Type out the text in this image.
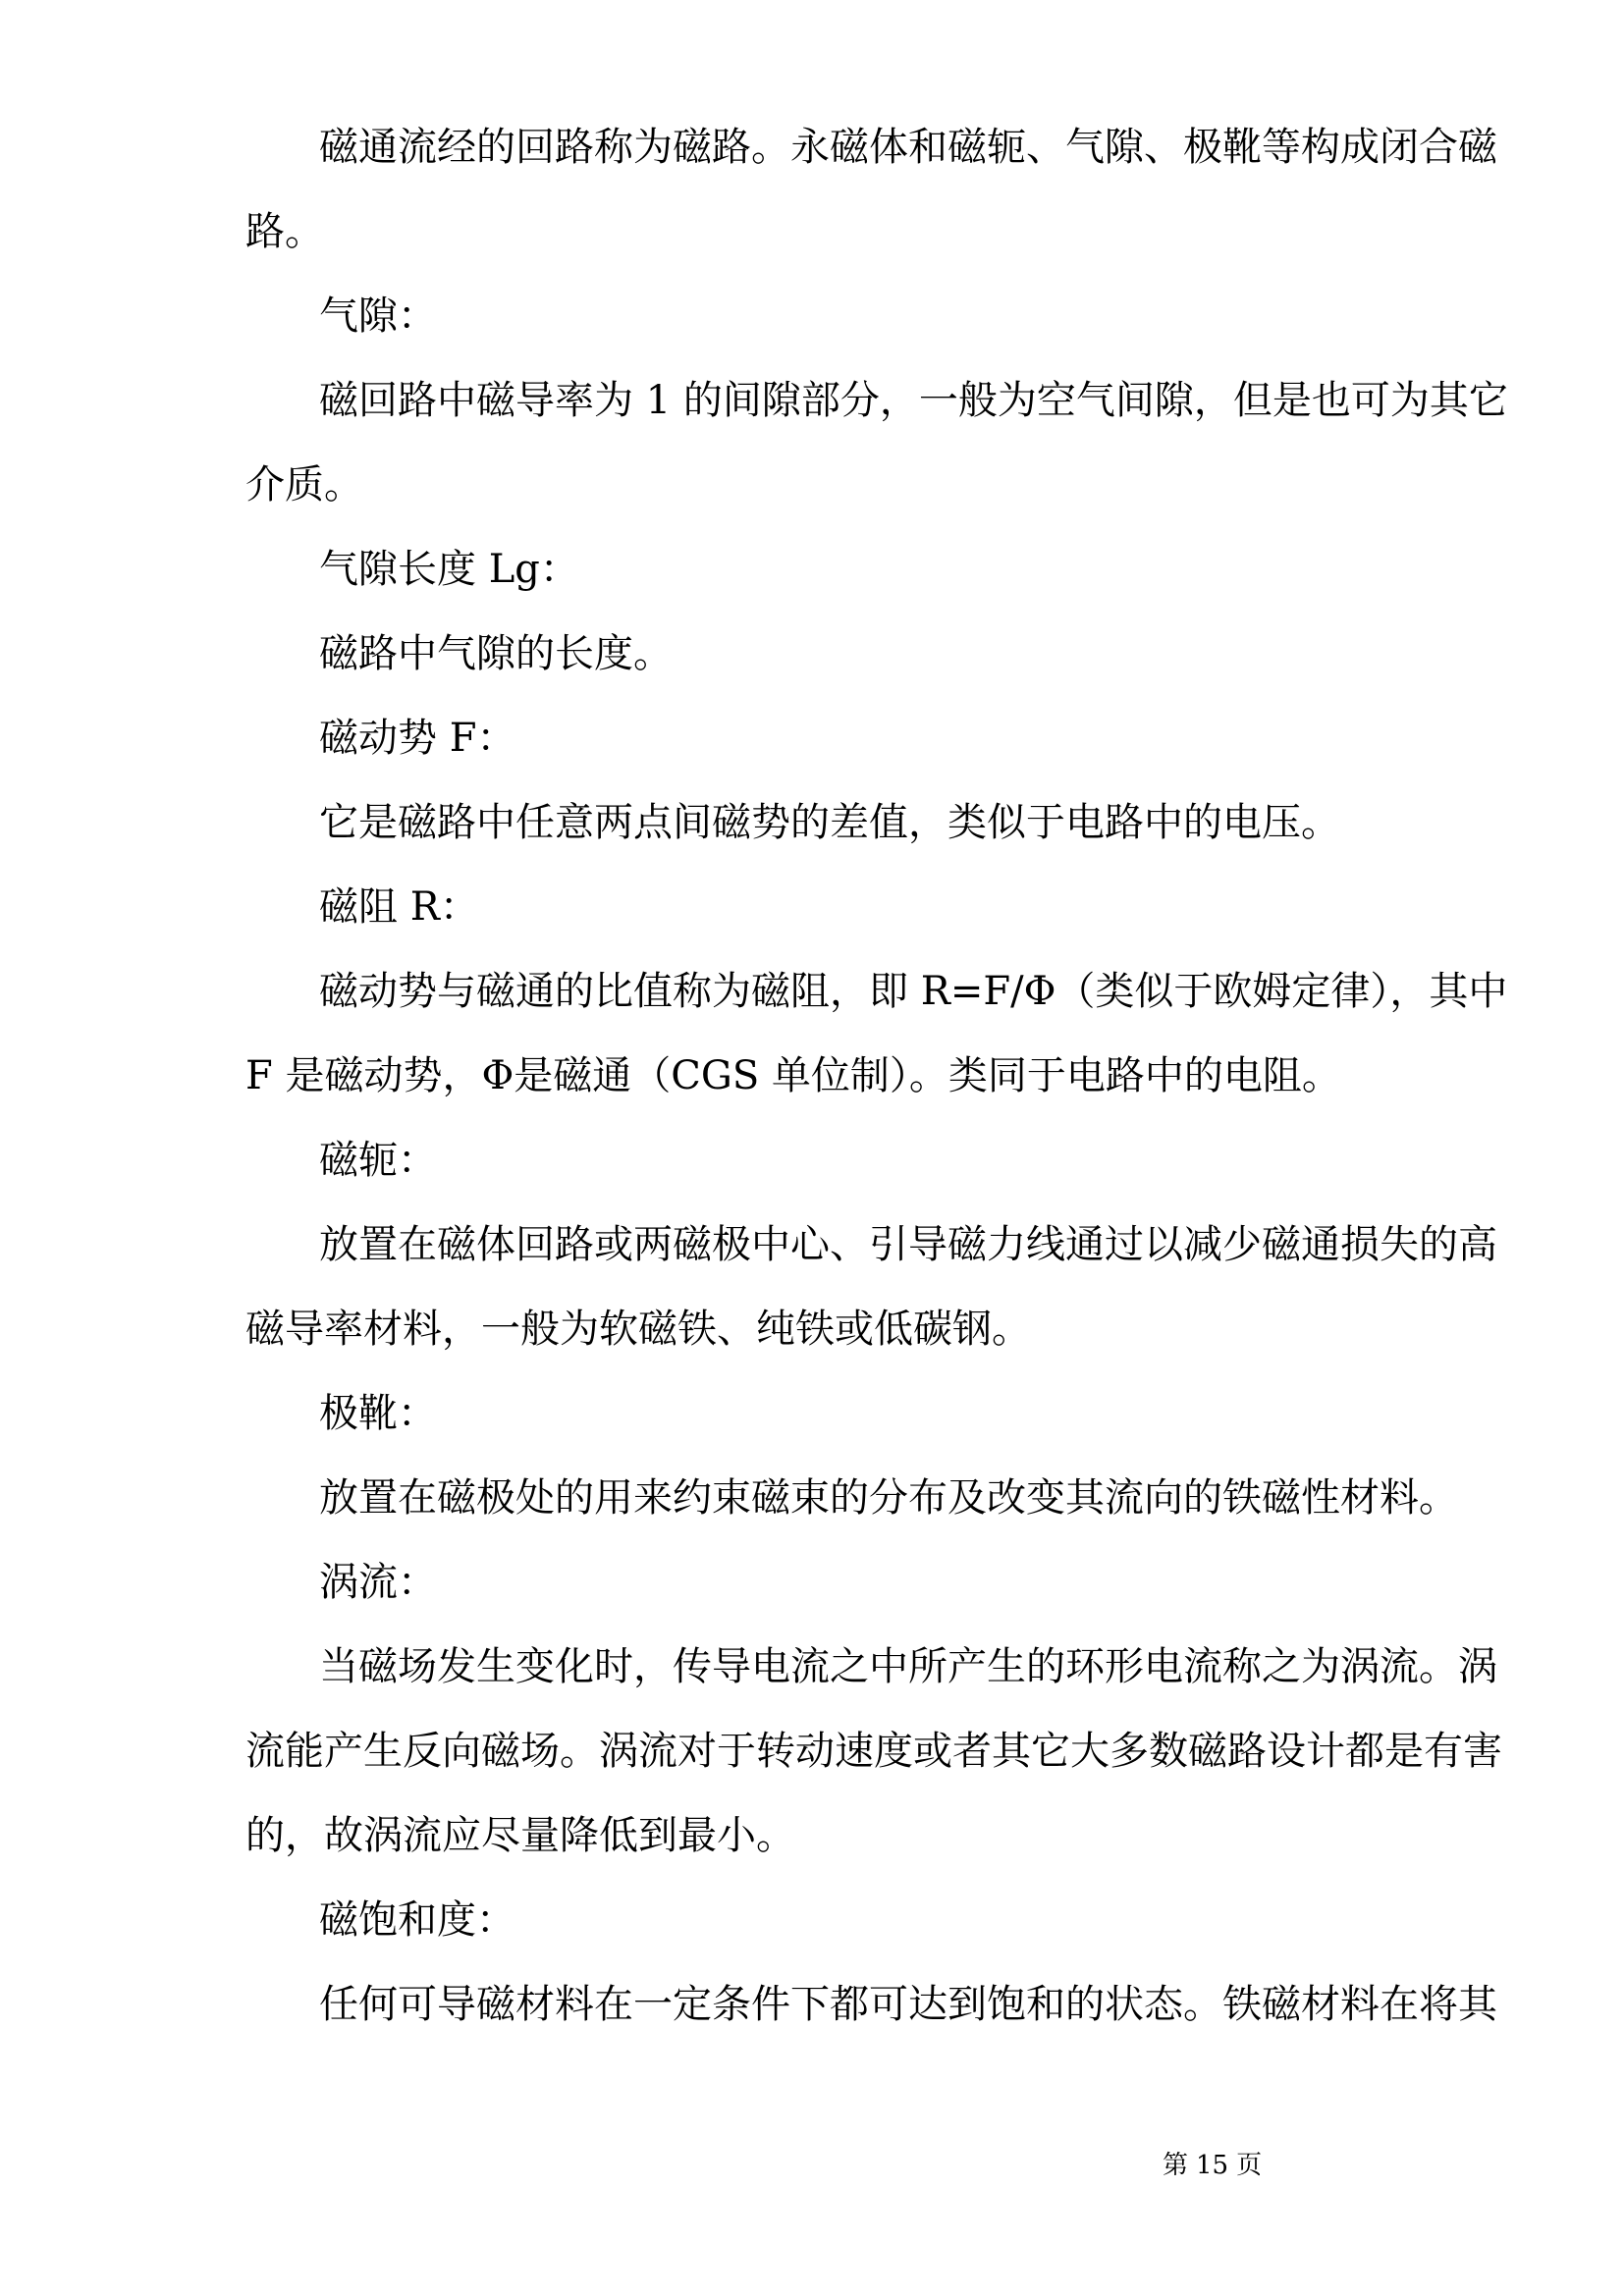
磁通流经的回路称为磁路。永磁体和磁轭、气隙、极靴等构成闭合磁
路。
气隙：
磁回路中磁导率为 1 的间隙部分，一般为空气间隙，但是也可为其它
介质。
气隙长度 Lg：
磁路中气隙的长度。
磁动势 F：
它是磁路中任意两点间磁势的差值，类似于电路中的电压。
磁阻 R：
磁动势与磁通的比值称为磁阻，即 R=F/Φ（类似于欧姆定律），其中
F 是磁动势，Φ是磁通（CGS 单位制）。类同于电路中的电阻。
磁轭：
放置在磁体回路或两磁极中心、引导磁力线通过以减少磁通损失的高
磁导率材料，一般为软磁铁、纯铁或低碳钢。
极靴：
放置在磁极处的用来约束磁束的分布及改变其流向的铁磁性材料。
涡流：
当磁场发生变化时，传导电流之中所产生的环形电流称之为涡流。涡
流能产生反向磁场。涡流对于转动速度或者其它大多数磁路设计都是有害
的，故涡流应尽量降低到最小。
磁饱和度：
任何可导磁材料在一定条件下都可达到饱和的状态。铁磁材料在将其
第 15 页
